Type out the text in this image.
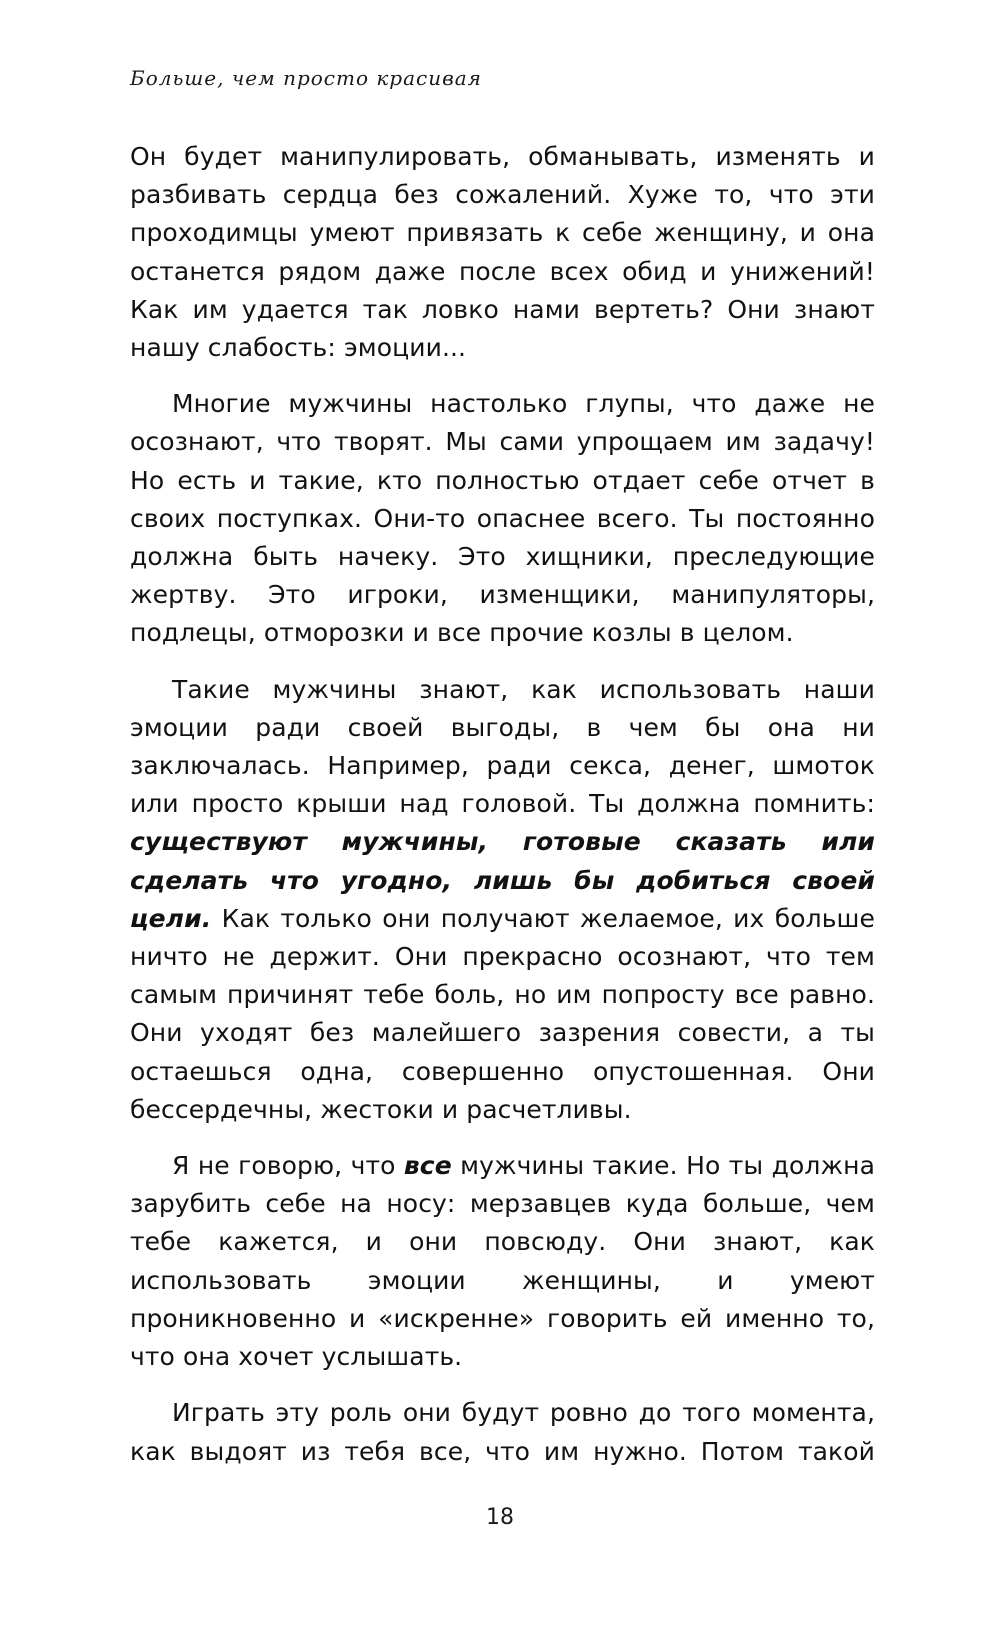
Больше, чем просто красивая

Он будет манипулировать, обманывать, изменять и разбивать сердца без сожалений. Хуже то, что эти проходимцы умеют привязать к себе женщину, и она останется рядом даже после всех обид и унижений! Как им удается так ловко нами вертеть? Они знают нашу слабость: эмоции...

Многие мужчины настолько глупы, что даже не осознают, что творят. Мы сами упрощаем им задачу! Но есть и такие, кто полностью отдает себе отчет в своих поступках. Они-то опаснее всего. Ты постоянно должна быть начеку. Это хищники, преследующие жертву. Это игроки, изменщики, манипуляторы, подлецы, отморозки и все прочие козлы в целом.

Такие мужчины знают, как использовать наши эмоции ради своей выгоды, в чем бы она ни заключалась. Например, ради секса, денег, шмоток или просто крыши над головой. Ты должна помнить: существуют мужчины, готовые сказать или сделать что угодно, лишь бы добиться своей цели. Как только они получают желаемое, их больше ничто не держит. Они прекрасно осознают, что тем самым причинят тебе боль, но им попросту все равно. Они уходят без малейшего зазрения совести, а ты остаешься одна, совершенно опустошенная. Они бессердечны, жестоки и расчетливы.

Я не говорю, что все мужчины такие. Но ты должна зарубить себе на носу: мерзавцев куда больше, чем тебе кажется, и они повсюду. Они знают, как использовать эмоции женщины, и умеют проникновенно и «искренне» говорить ей именно то, что она хочет услышать.

Играть эту роль они будут ровно до того момента, как выдоят из тебя все, что им нужно. Потом такой

18
